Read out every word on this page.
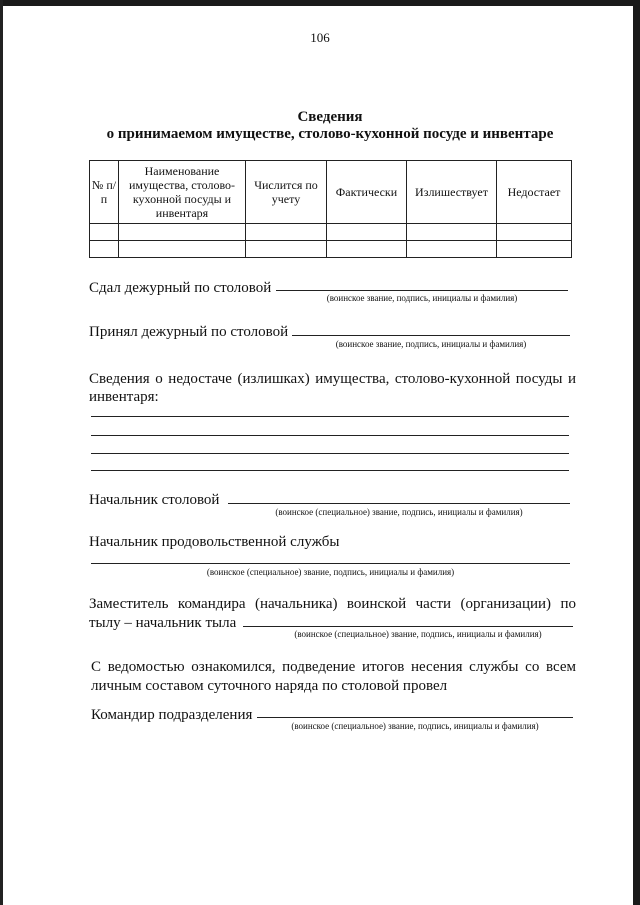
106
Сведения
о принимаемом имуществе, столово-кухонной посуде и инвентаре
№ п/п	Наименование имущества, столово-кухонной посуды и инвентаря	Числится по учету	Фактически	Излишествует	Недостает

Сдал дежурный по столовой
(воинское звание, подпись, инициалы и фамилия)
Принял дежурный по столовой
(воинское звание, подпись, инициалы и фамилия)
Сведения о недостаче (излишках) имущества, столово-кухонной посуды и
инвентаря:
Начальник столовой
(воинское (специальное) звание, подпись, инициалы и фамилия)
Начальник продовольственной службы
(воинское (специальное) звание, подпись, инициалы и фамилия)
Заместитель командира (начальника) воинской части (организации) по
тылу – начальник тыла
(воинское (специальное) звание, подпись, инициалы и фамилия)
С ведомостью ознакомился, подведение итогов несения службы со всем
личным составом суточного наряда по столовой провел
Командир подразделения
(воинское (специальное) звание, подпись, инициалы и фамилия)
